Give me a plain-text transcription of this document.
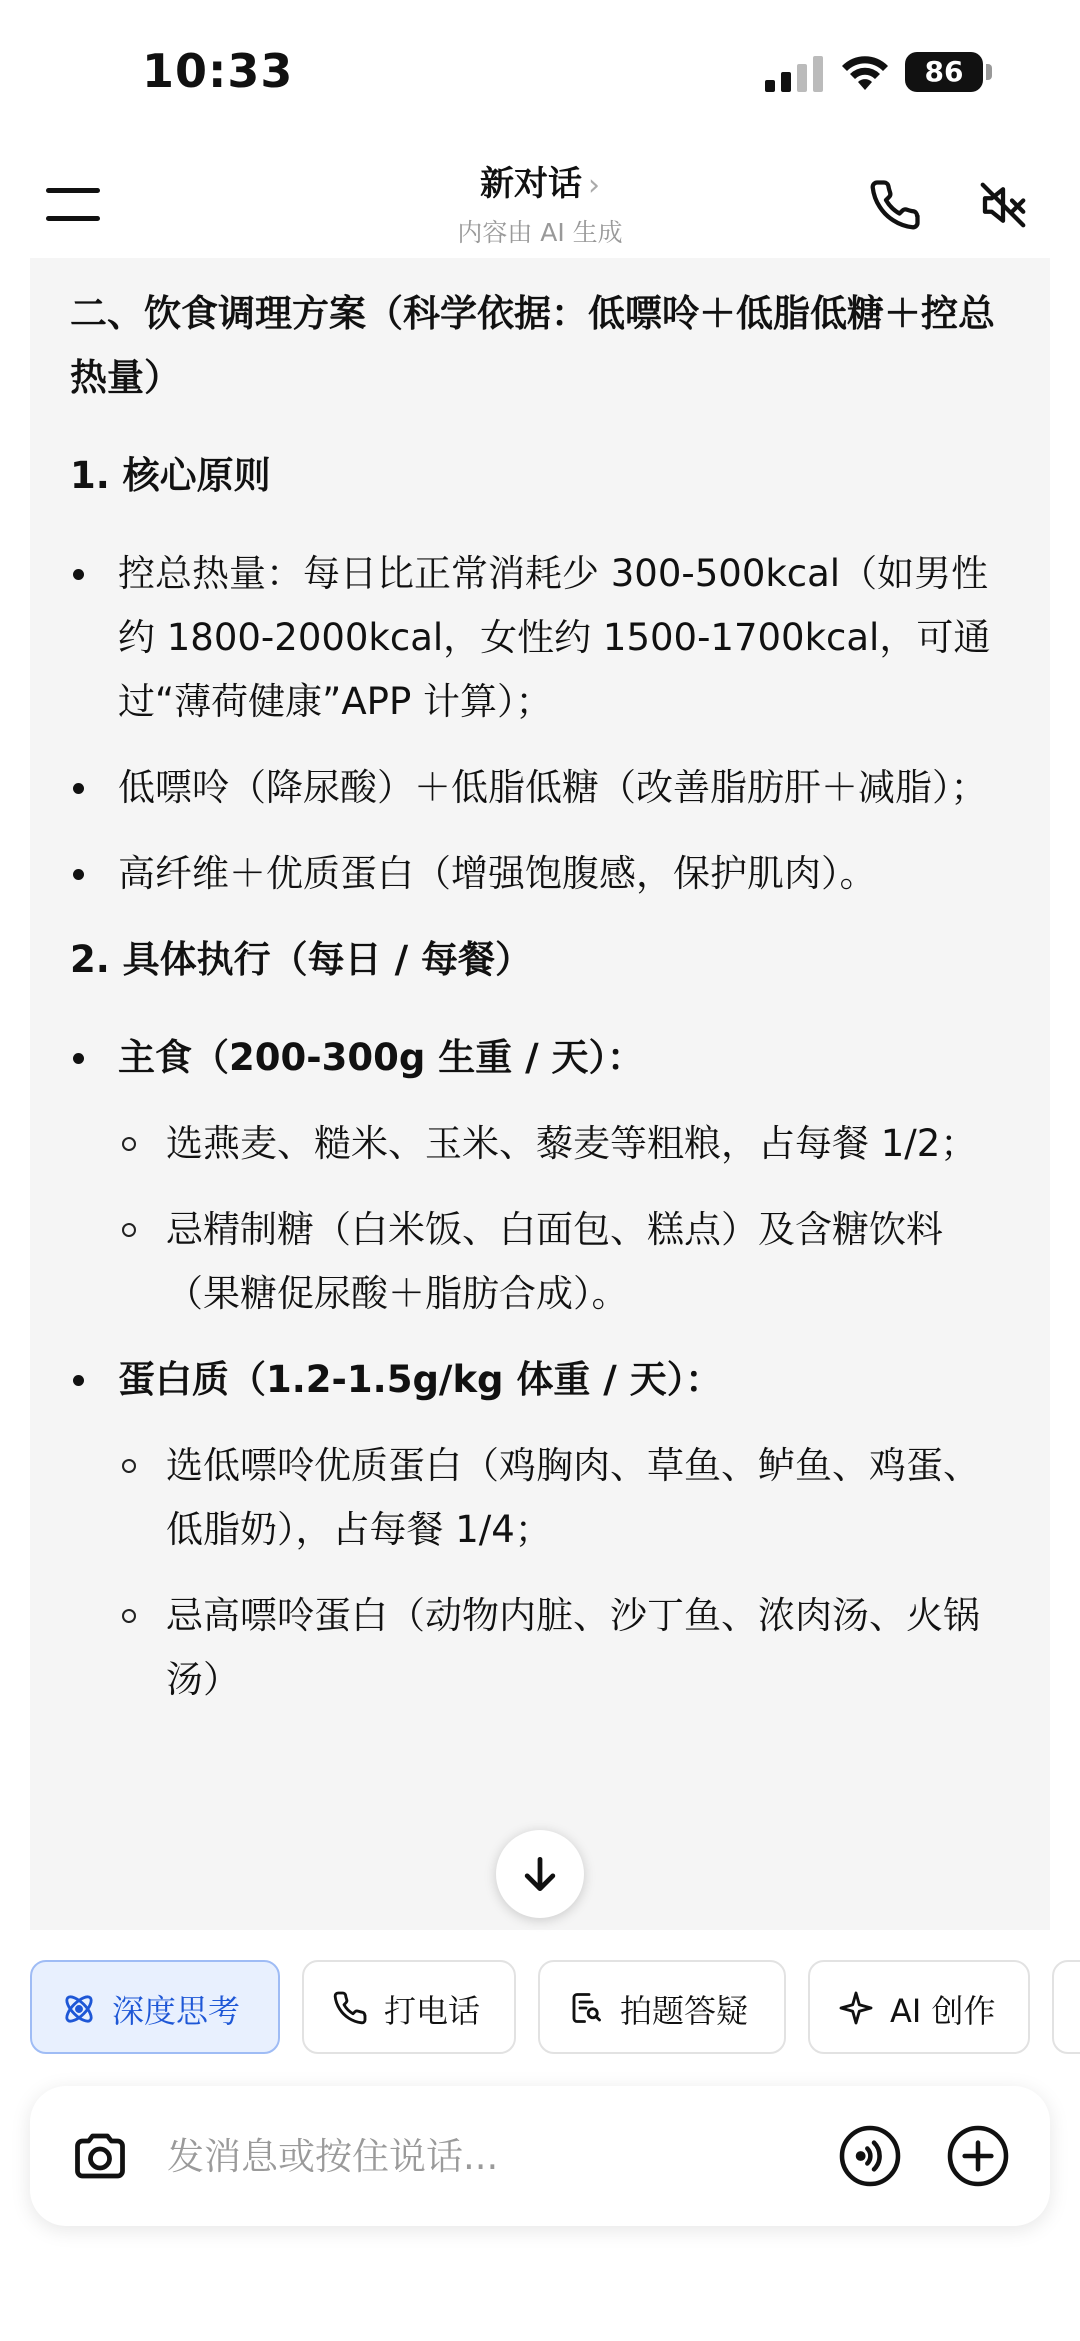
10:33	86
新对话 ›
内容由 AI 生成
二、饮食调理方案（科学依据：低嘌呤＋低脂低糖＋控总热量）
1. 核心原则
控总热量：每日比正常消耗少 300-500kcal（如男性约 1800-2000kcal，女性约 1500-1700kcal，可通过“薄荷健康”APP 计算）；
低嘌呤（降尿酸）＋低脂低糖（改善脂肪肝＋减脂）；
高纤维＋优质蛋白（增强饱腹感，保护肌肉）。
2. 具体执行（每日 / 每餐）
主食（200-300g 生重 / 天）：
选燕麦、糙米、玉米、藜麦等粗粮，占每餐 1/2；
忌精制糖（白米饭、白面包、糕点）及含糖饮料（果糖促尿酸＋脂肪合成）。
蛋白质（1.2-1.5g/kg 体重 / 天）：
选低嘌呤优质蛋白（鸡胸肉、草鱼、鲈鱼、鸡蛋、低脂奶），占每餐 1/4；
忌高嘌呤蛋白（动物内脏、沙丁鱼、浓肉汤、火锅汤）
深度思考	打电话	拍题答疑	AI 创作
发消息或按住说话...
